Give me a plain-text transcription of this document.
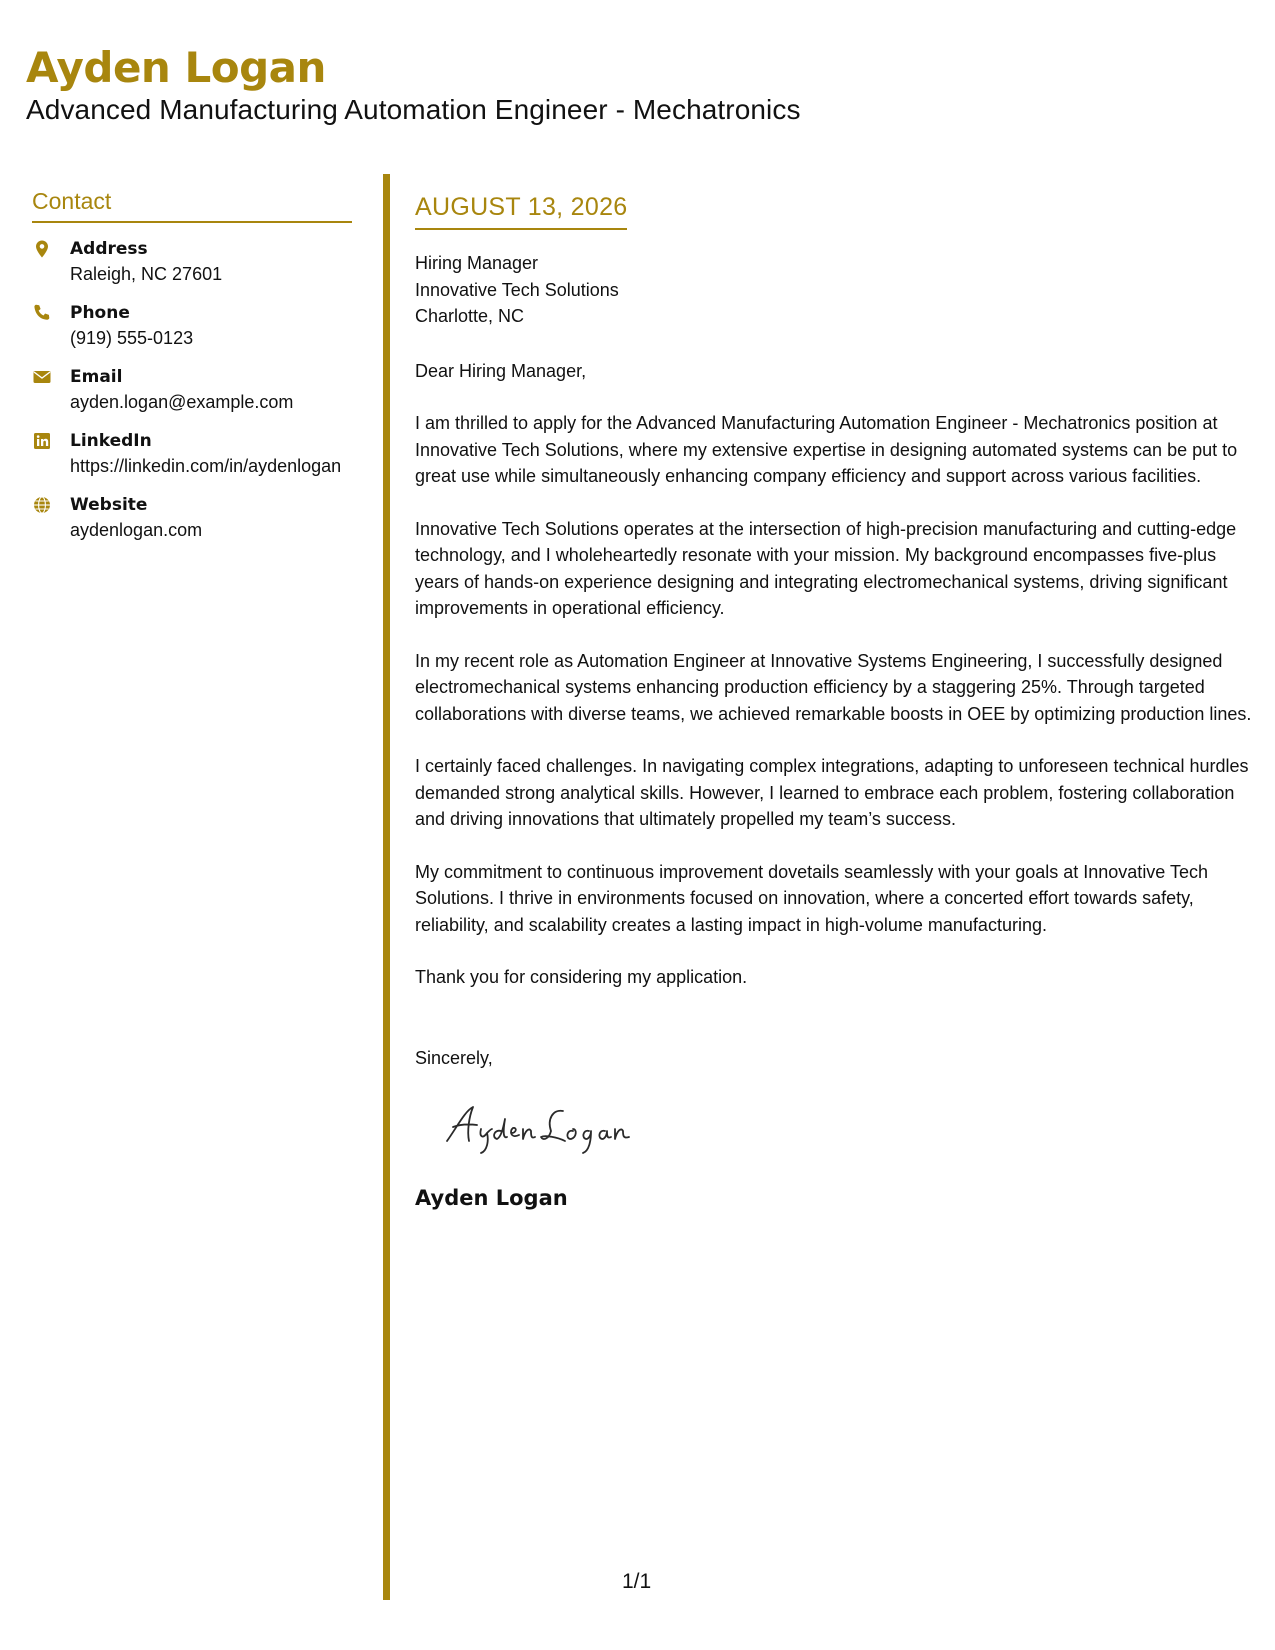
Ayden Logan
Advanced Manufacturing Automation Engineer - Mechatronics
Contact
Address
Raleigh, NC 27601
Phone
(919) 555-0123
Email
ayden.logan@example.com
LinkedIn
https://linkedin.com/in/aydenlogan
Website
aydenlogan.com
AUGUST 13, 2026
Hiring Manager
Innovative Tech Solutions
Charlotte, NC
Dear Hiring Manager,
I am thrilled to apply for the Advanced Manufacturing Automation Engineer - Mechatronics position at Innovative Tech Solutions, where my extensive expertise in designing automated systems can be put to great use while simultaneously enhancing company efficiency and support across various facilities.
Innovative Tech Solutions operates at the intersection of high-precision manufacturing and cutting-edge technology, and I wholeheartedly resonate with your mission. My background encompasses five-plus years of hands-on experience designing and integrating electromechanical systems, driving significant improvements in operational efficiency.
In my recent role as Automation Engineer at Innovative Systems Engineering, I successfully designed electromechanical systems enhancing production efficiency by a staggering 25%. Through targeted collaborations with diverse teams, we achieved remarkable boosts in OEE by optimizing production lines.
I certainly faced challenges. In navigating complex integrations, adapting to unforeseen technical hurdles demanded strong analytical skills. However, I learned to embrace each problem, fostering collaboration and driving innovations that ultimately propelled my team’s success.
My commitment to continuous improvement dovetails seamlessly with your goals at Innovative Tech Solutions. I thrive in environments focused on innovation, where a concerted effort towards safety, reliability, and scalability creates a lasting impact in high-volume manufacturing.
Thank you for considering my application.
Sincerely,
Ayden Logan
1/1
